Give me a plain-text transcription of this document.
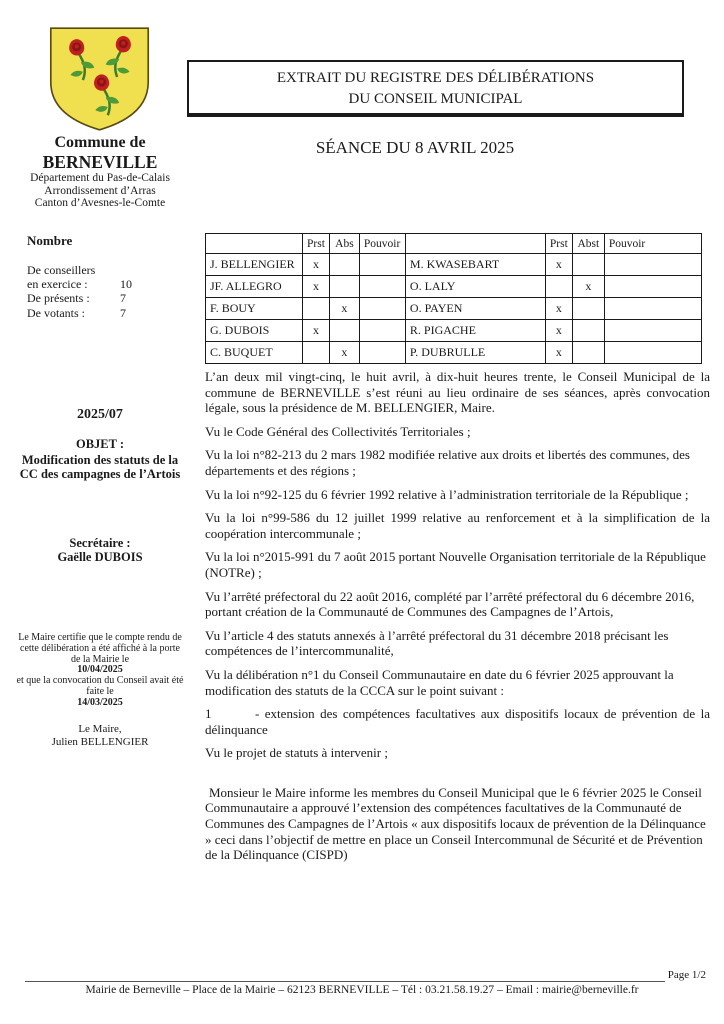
Commune de
BERNEVILLE
Département du Pas-de-Calais
Arrondissement d’Arras
Canton d’Avesnes-le-Comte
EXTRAIT DU REGISTRE DES DÉLIBÉRATIONS
DU CONSEIL MUNICIPAL
SÉANCE DU 8 AVRIL 2025
Nombre
De conseillers
en exercice :	10
De présents :	7
De votants :	7
	Prst	Abs	Pouvoir		Prst	Abst	Pouvoir
J. BELLENGIER	x			M. KWASEBART	x		
JF. ALLEGRO	x			O. LALY		x	
F. BOUY		x		O. PAYEN	x		
G. DUBOIS	x			R. PIGACHE	x		
C. BUQUET		x		P. DUBRULLE	x		
2025/07
OBJET :
Modification des statuts de la CC des campagnes de l’Artois
Secrétaire :
Gaëlle DUBOIS
Le Maire certifie que le compte rendu de cette délibération a été affiché à la porte de la Mairie le
10/04/2025
et que la convocation du Conseil avait été faite le
14/03/2025
Le Maire,
Julien BELLENGIER

L’an deux mil vingt-cinq, le huit avril, à dix-huit heures trente, le Conseil Municipal de la commune de BERNEVILLE s’est réuni au lieu ordinaire de ses séances, après convocation légale, sous la présidence de M. BELLENGIER, Maire.

Vu le Code Général des Collectivités Territoriales ;

Vu la loi n°82-213 du 2 mars 1982 modifiée relative aux droits et libertés des communes, des départements et des régions ;

Vu la loi n°92-125 du 6 février 1992 relative à l’administration territoriale de la République ;

Vu la loi n°99-586 du 12 juillet 1999 relative au renforcement et à la simplification de la coopération intercommunale ;

Vu la loi n°2015-991 du 7 août 2015 portant Nouvelle Organisation territoriale de la République (NOTRe) ;

Vu l’arrêté préfectoral du 22 août 2016, complété par l’arrêté préfectoral du 6 décembre 2016, portant création de la Communauté de Communes des Campagnes de l’Artois,

Vu l’article 4 des statuts annexés à l’arrêté préfectoral du 31 décembre 2018 précisant les compétences de l’intercommunalité,

Vu la délibération n°1 du Conseil Communautaire en date du 6 février 2025 approuvant la modification des statuts de la CCCA sur le point suivant :

1	- extension des compétences facultatives aux dispositifs locaux de prévention de la délinquance

Vu le projet de statuts à intervenir ;

Monsieur le Maire informe les membres du Conseil Municipal que le 6 février 2025 le Conseil Communautaire a approuvé l’extension des compétences facultatives de la Communauté de Communes des Campagnes de l’Artois « aux dispositifs locaux de prévention de la Délinquance » ceci dans l’objectif de mettre en place un Conseil Intercommunal de Sécurité et de Prévention de la Délinquance (CISPD)

Page 1/2
Mairie de Berneville – Place de la Mairie – 62123 BERNEVILLE – Tél : 03.21.58.19.27 – Email : mairie@berneville.fr
